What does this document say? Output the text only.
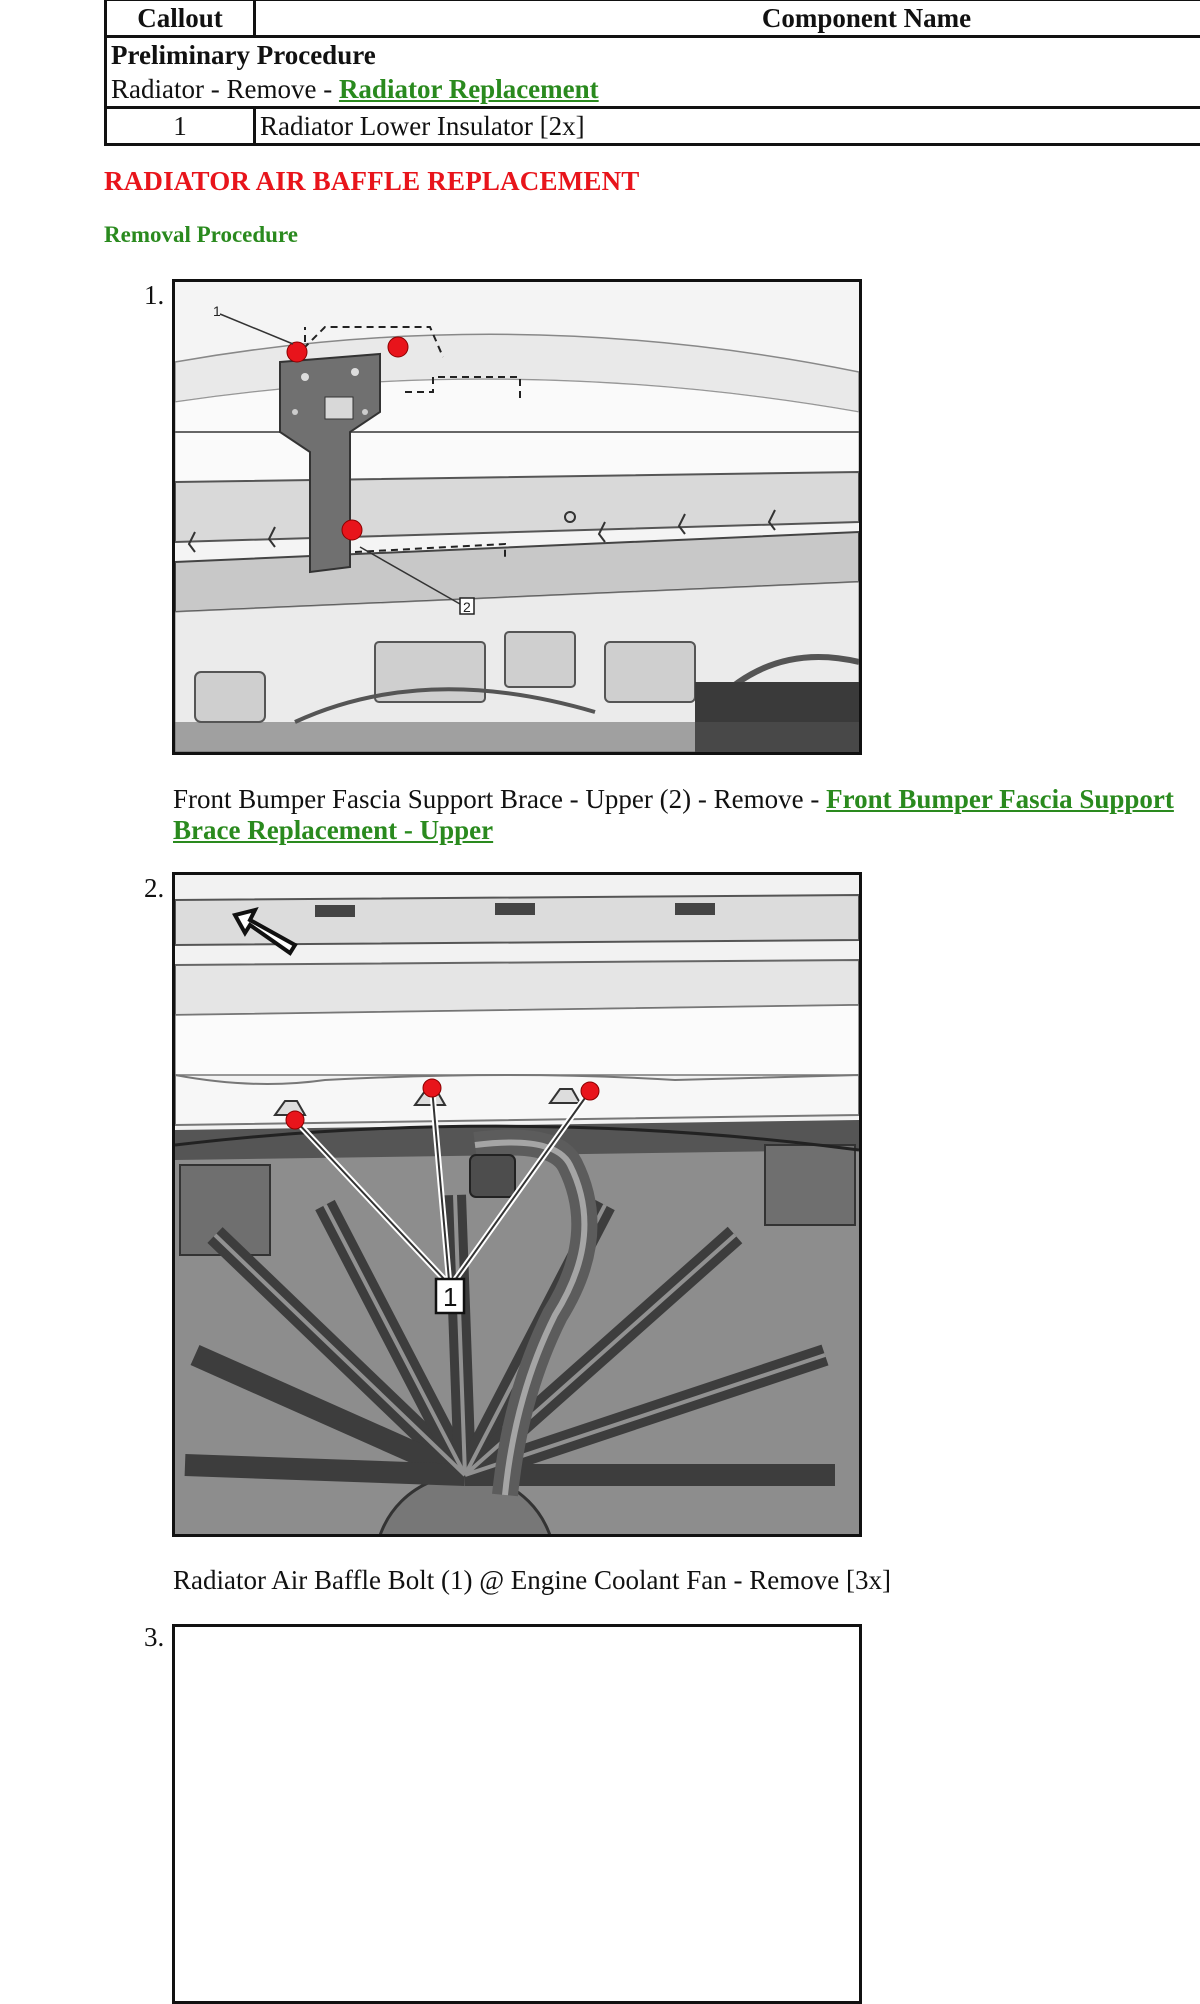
Callout	Component Name

Preliminary Procedure
Radiator - Remove - Radiator Replacement	
1	Radiator Lower Insulator [2x]
RADIATOR AIR BAFFLE REPLACEMENT
Removal Procedure
1.
1
2
Front Bumper Fascia Support Brace - Upper (2) - Remove - Front Bumper Fascia Support Brace Replacement - Upper
2.
1
Radiator Air Baffle Bolt (1) @ Engine Coolant Fan - Remove [3x]
3.
